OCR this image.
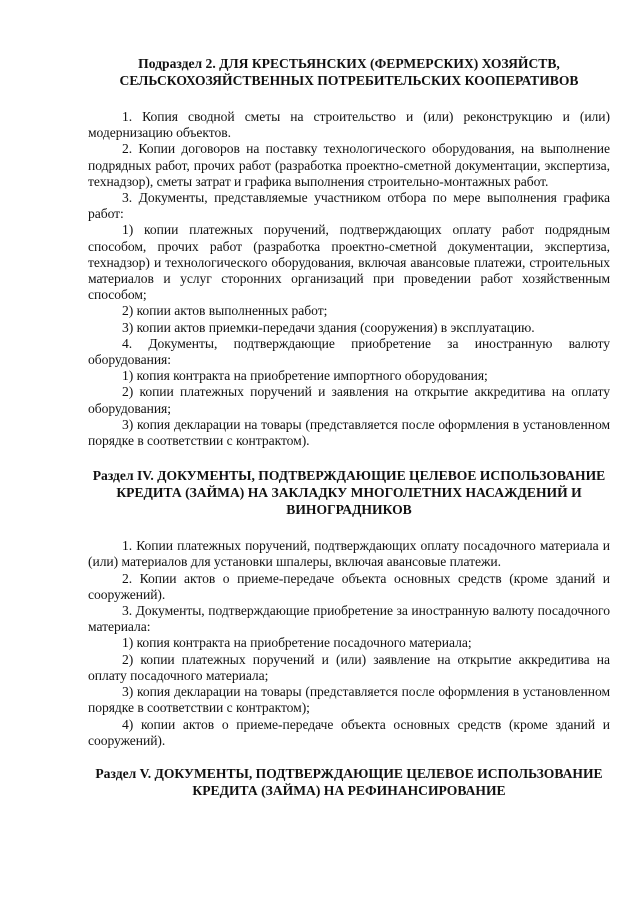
Подраздел 2. ДЛЯ КРЕСТЬЯНСКИХ (ФЕРМЕРСКИХ) ХОЗЯЙСТВ, СЕЛЬСКОХОЗЯЙСТВЕННЫХ ПОТРЕБИТЕЛЬСКИХ КООПЕРАТИВОВ

1. Копия сводной сметы на строительство и (или) реконструкцию и (или) модернизацию объектов.

2. Копии договоров на поставку технологического оборудования, на выполнение подрядных работ, прочих работ (разработка проектно-сметной документации, экспертиза, технадзор), сметы затрат и графика выполнения строительно-монтажных работ.

3. Документы, представляемые участником отбора по мере выполнения графика работ:

1) копии платежных поручений, подтверждающих оплату работ подрядным способом, прочих работ (разработка проектно-сметной документации, экспертиза, технадзор) и технологического оборудования, включая авансовые платежи, строительных материалов и услуг сторонних организаций при проведении работ хозяйственным способом;

2) копии актов выполненных работ;

3) копии актов приемки-передачи здания (сооружения) в эксплуатацию.

4. Документы, подтверждающие приобретение за иностранную валюту оборудования:

1) копия контракта на приобретение импортного оборудования;

2) копии платежных поручений и заявления на открытие аккредитива на оплату оборудования;

3) копия декларации на товары (представляется после оформления в установленном порядке в соответствии с контрактом).

Раздел IV. ДОКУМЕНТЫ, ПОДТВЕРЖДАЮЩИЕ ЦЕЛЕВОЕ ИСПОЛЬЗОВАНИЕ КРЕДИТА (ЗАЙМА) НА ЗАКЛАДКУ МНОГОЛЕТНИХ НАСАЖДЕНИЙ И ВИНОГРАДНИКОВ

1. Копии платежных поручений, подтверждающих оплату посадочного материала и (или) материалов для установки шпалеры, включая авансовые платежи.

2. Копии актов о приеме-передаче объекта основных средств (кроме зданий и сооружений).

3. Документы, подтверждающие приобретение за иностранную валюту посадочного материала:

1) копия контракта на приобретение посадочного материала;

2) копии платежных поручений и (или) заявление на открытие аккредитива на оплату посадочного материала;

3) копия декларации на товары (представляется после оформления в установленном порядке в соответствии с контрактом);

4) копии актов о приеме-передаче объекта основных средств (кроме зданий и сооружений).

Раздел V. ДОКУМЕНТЫ, ПОДТВЕРЖДАЮЩИЕ ЦЕЛЕВОЕ ИСПОЛЬЗОВАНИЕ КРЕДИТА (ЗАЙМА) НА РЕФИНАНСИРОВАНИЕ
